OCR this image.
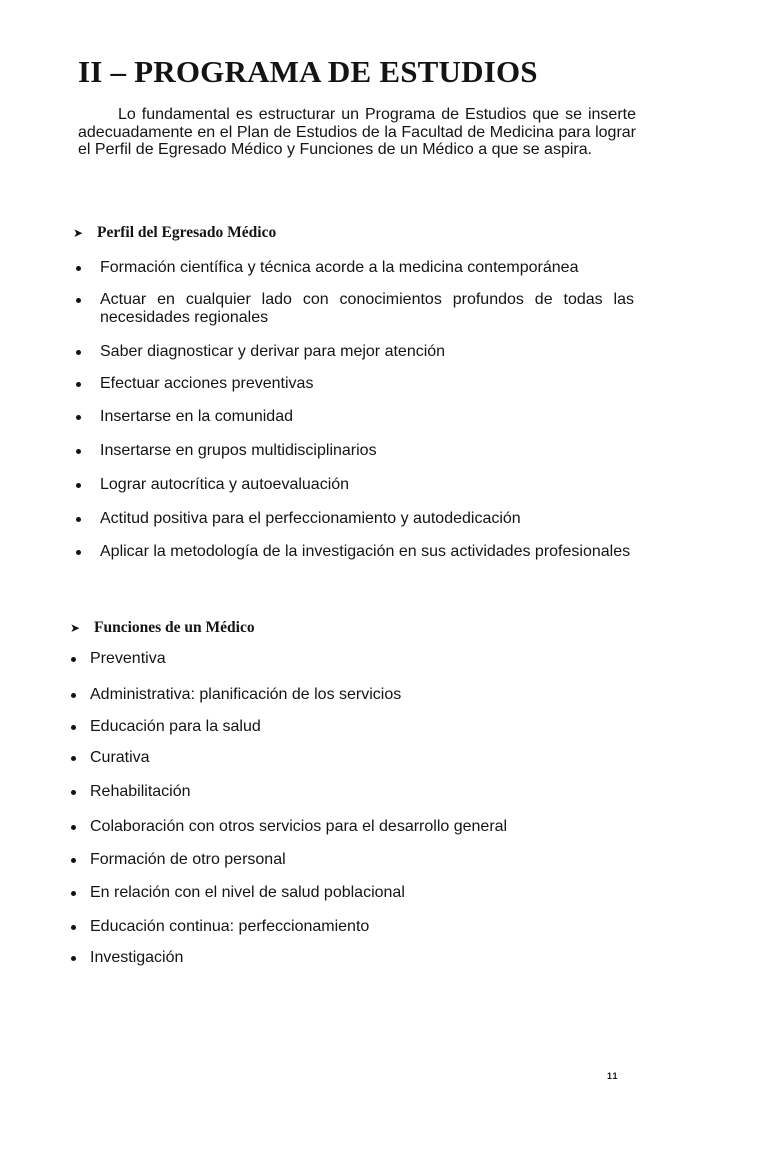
II – PROGRAMA DE ESTUDIOS

Lo fundamental es estructurar un Programa de Estudios que se inserte adecuadamente en el Plan de Estudios de la Facultad de Medicina para lograr el Perfil de Egresado Médico y Funciones de un Médico a que se aspira.

➤ Perfil del Egresado Médico
Formación científica y técnica acorde a la medicina contemporánea
Actuar en cualquier lado con conocimientos profundos de todas las necesidades regionales
Saber diagnosticar y derivar para mejor atención
Efectuar acciones preventivas
Insertarse en la comunidad
Insertarse en grupos multidisciplinarios
Lograr autocrítica y autoevaluación
Actitud positiva para el perfeccionamiento y autodedicación
Aplicar la metodología de la investigación en sus actividades profesionales
➤ Funciones de un Médico
Preventiva
Administrativa: planificación de los servicios
Educación para la salud
Curativa
Rehabilitación
Colaboración con otros servicios para el desarrollo general
Formación de otro personal
En relación con el nivel de salud poblacional
Educación continua: perfeccionamiento
Investigación
11
